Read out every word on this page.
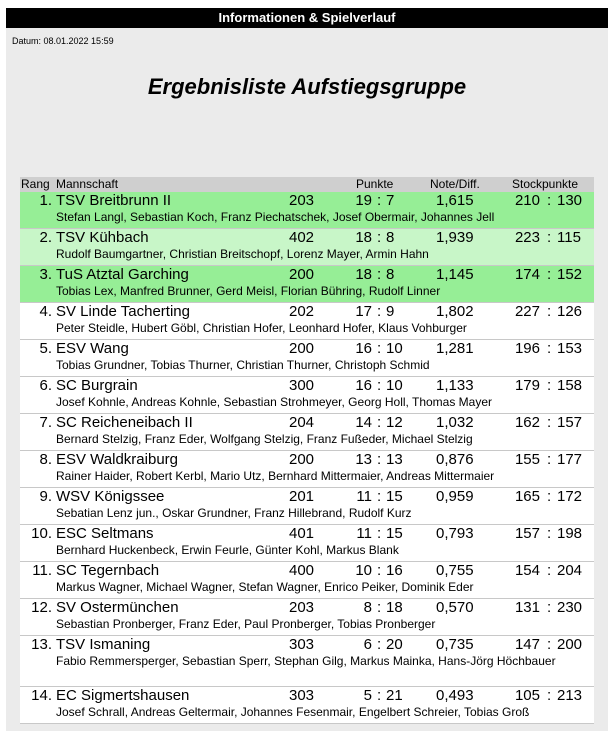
Informationen & Spielverlauf
Datum: 08.01.2022 15:59
Ergebnisliste Aufstiegsgruppe
Rang Mannschaft	Punkte	Note/Diff.	Stockpunkte
1. TSV Breitbrunn II	203	19 : 7	1,615	210 : 130
Stefan Langl, Sebastian Koch, Franz Piechatschek, Josef Obermair, Johannes Jell
2. TSV Kühbach	402	18 : 8	1,939	223 : 115
Rudolf Baumgartner, Christian Breitschopf, Lorenz Mayer, Armin Hahn
3. TuS Atztal Garching	200	18 : 8	1,145	174 : 152
Tobias Lex, Manfred Brunner, Gerd Meisl, Florian Bühring, Rudolf Linner
4. SV Linde Tacherting	202	17 : 9	1,802	227 : 126
Peter Steidle, Hubert Göbl, Christian Hofer, Leonhard Hofer, Klaus Vohburger
5. ESV Wang	200	16 : 10 1,281	196 : 153
Tobias Grundner, Tobias Thurner, Christian Thurner, Christoph Schmid
6. SC Burgrain	300	16 : 10 1,133	179 : 158
Josef Kohnle, Andreas Kohnle, Sebastian Strohmeyer, Georg Holl, Thomas Mayer
7. SC Reicheneibach II	204	14 : 12 1,032	162 : 157
Bernard Stelzig, Franz Eder, Wolfgang Stelzig, Franz Fußeder, Michael Stelzig
8. ESV Waldkraiburg	200	13 : 13 0,876	155 : 177
Rainer Haider, Robert Kerbl, Mario Utz, Bernhard Mittermaier, Andreas Mittermaier
9. WSV Königssee	201	11 : 15 0,959	165 : 172
Sebatian Lenz jun., Oskar Grundner, Franz Hillebrand, Rudolf Kurz
10. ESC Seltmans	401	11 : 15 0,793	157 : 198
Bernhard Huckenbeck, Erwin Feurle, Günter Kohl, Markus Blank
11. SC Tegernbach	400	10 : 16 0,755	154 : 204
Markus Wagner, Michael Wagner, Stefan Wagner, Enrico Peiker, Dominik Eder
12. SV Ostermünchen	203	8 : 18 0,570	131 : 230
Sebastian Pronberger, Franz Eder, Paul Pronberger, Tobias Pronberger
13. TSV Ismaning	303	6 : 20 0,735	147 : 200
Fabio Remmersperger, Sebastian Sperr, Stephan Gilg, Markus Mainka, Hans-Jörg Höchbauer
14. EC Sigmertshausen	303	5 : 21 0,493	105 : 213
Josef Schrall, Andreas Geltermair, Johannes Fesenmair, Engelbert Schreier, Tobias Groß
